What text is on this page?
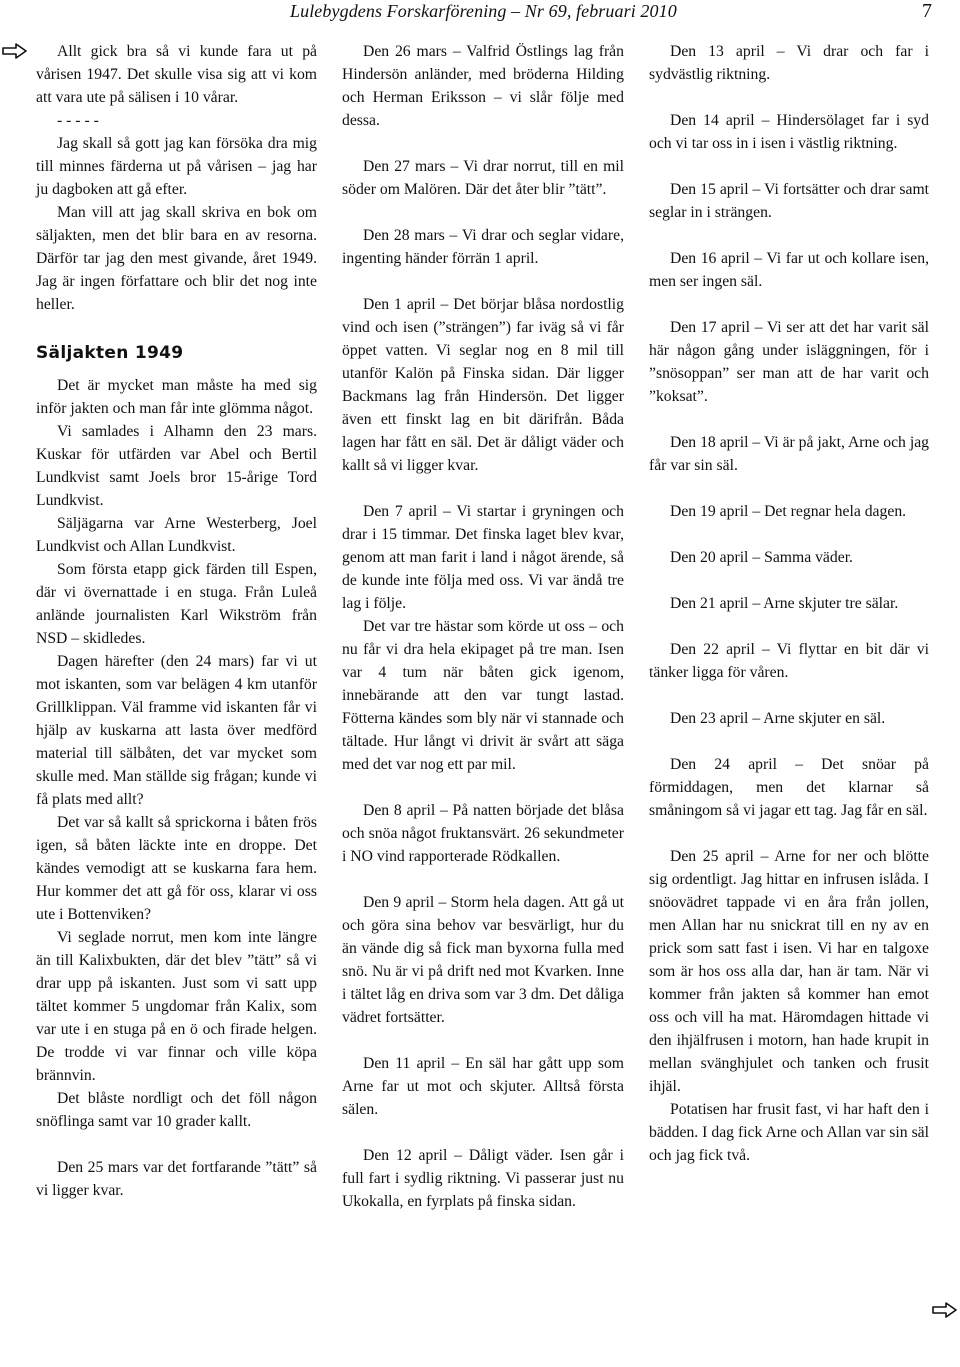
Lulebygdens Forskarförening – Nr 69, februari 2010	7

Allt gick bra så vi kunde fara ut på vårisen 1947. Det skulle visa sig att vi kom att vara ute på sälisen i 10 vårar.

- - - - -

Jag skall så gott jag kan försöka dra mig till minnes färderna ut på vårisen – jag har ju dagboken att gå efter.

Man vill att jag skall skriva en bok om säljakten, men det blir bara en av resorna. Därför tar jag den mest givande, året 1949. Jag är ingen författare och blir det nog inte heller.

Säljakten 1949

Det är mycket man måste ha med sig inför jakten och man får inte glömma något.

Vi samlades i Alhamn den 23 mars. Kuskar för utfärden var Abel och Bertil Lundkvist samt Joels bror 15-årige Tord Lundkvist.

Säljägarna var Arne Westerberg, Joel Lundkvist och Allan Lundkvist.

Som första etapp gick färden till Espen, där vi övernattade i en stuga. Från Luleå anlände journalisten Karl Wikström från NSD – skidledes.

Dagen härefter (den 24 mars) far vi ut mot iskanten, som var belägen 4 km utanför Grillklippan. Väl framme vid iskanten får vi hjälp av kuskarna att lasta över medförd material till sälbåten, det var mycket som skulle med. Man ställde sig frågan; kunde vi få plats med allt?

Det var så kallt så sprickorna i båten frös igen, så båten läckte inte en droppe. Det kändes vemodigt att se kuskarna fara hem. Hur kommer det att gå för oss, klarar vi oss ute i Bottenviken?

Vi seglade norrut, men kom inte längre än till Kalixbukten, där det blev ”tätt” så vi drar upp på iskanten. Just som vi satt upp tältet kommer 5 ungdomar från Kalix, som var ute i en stuga på en ö och firade helgen. De trodde vi var finnar och ville köpa brännvin.

Det blåste nordligt och det föll någon snöflinga samt var 10 grader kallt.

Den 25 mars var det fortfarande ”tätt” så vi ligger kvar.

Den 26 mars – Valfrid Östlings lag från Hindersön anländer, med bröderna Hilding och Herman Eriksson – vi slår följe med dessa.

Den 27 mars – Vi drar norrut, till en mil söder om Malören. Där det åter blir ”tätt”.

Den 28 mars – Vi drar och seglar vidare, ingenting händer förrän 1 april.

Den 1 april – Det börjar blåsa nordostlig vind och isen (”strängen”) far iväg så vi får öppet vatten. Vi seglar nog en 8 mil till utanför Kalön på Finska sidan. Där ligger Backmans lag från Hindersön. Det ligger även ett finskt lag en bit därifrån. Båda lagen har fått en säl. Det är dåligt väder och kallt så vi ligger kvar.

Den 7 april – Vi startar i gryningen och drar i 15 timmar. Det finska laget blev kvar, genom att man farit i land i något ärende, så de kunde inte följa med oss. Vi var ändå tre lag i följe.

Det var tre hästar som körde ut oss – och nu får vi dra hela ekipaget på tre man. Isen var 4 tum när båten gick igenom, innebärande att den var tungt lastad. Fötterna kändes som bly när vi stannade och tältade. Hur långt vi drivit är svårt att säga med det var nog ett par mil.

Den 8 april – På natten började det blåsa och snöa något fruktansvärt. 26 sekundmeter i NO vind rapporterade Rödkallen.

Den 9 april – Storm hela dagen. Att gå ut och göra sina behov var besvärligt, hur du än vände dig så fick man byxorna fulla med snö. Nu är vi på drift ned mot Kvarken. Inne i tältet låg en driva som var 3 dm. Det dåliga vädret fortsätter.

Den 11 april – En säl har gått upp som Arne far ut mot och skjuter. Alltså första sälen.

Den 12 april – Dåligt väder. Isen går i full fart i sydlig riktning. Vi passerar just nu Ukokalla, en fyrplats på finska sidan.

Den 13 april – Vi drar och far i sydvästlig riktning.

Den 14 april – Hindersölaget far i syd och vi tar oss in i isen i västlig riktning.

Den 15 april – Vi fortsätter och drar samt seglar in i strängen.

Den 16 april – Vi far ut och kollare isen, men ser ingen säl.

Den 17 april – Vi ser att det har varit säl här någon gång under isläggningen, för i ”snösoppan” ser man att de har varit och ”koksat”.

Den 18 april – Vi är på jakt, Arne och jag får var sin säl.

Den 19 april – Det regnar hela dagen.

Den 20 april – Samma väder.

Den 21 april – Arne skjuter tre sälar.

Den 22 april – Vi flyttar en bit där vi tänker ligga för våren.

Den 23 april – Arne skjuter en säl.

Den 24 april – Det snöar på förmiddagen, men det klarnar så småningom så vi jagar ett tag. Jag får en säl.

Den 25 april – Arne for ner och blötte sig ordentligt. Jag hittar en infrusen islåda. I snöovädret tappade vi en åra från jollen, men Allan har nu snickrat till en ny av en prick som satt fast i isen. Vi har en talgoxe som är hos oss alla dar, han är tam. När vi kommer från jakten så kommer han emot oss och vill ha mat. Häromdagen hittade vi den ihjälfrusen i motorn, han hade krupit in mellan svänghjulet och tanken och frusit ihjäl.

Potatisen har frusit fast, vi har haft den i bädden. I dag fick Arne och Allan var sin säl och jag fick två.
